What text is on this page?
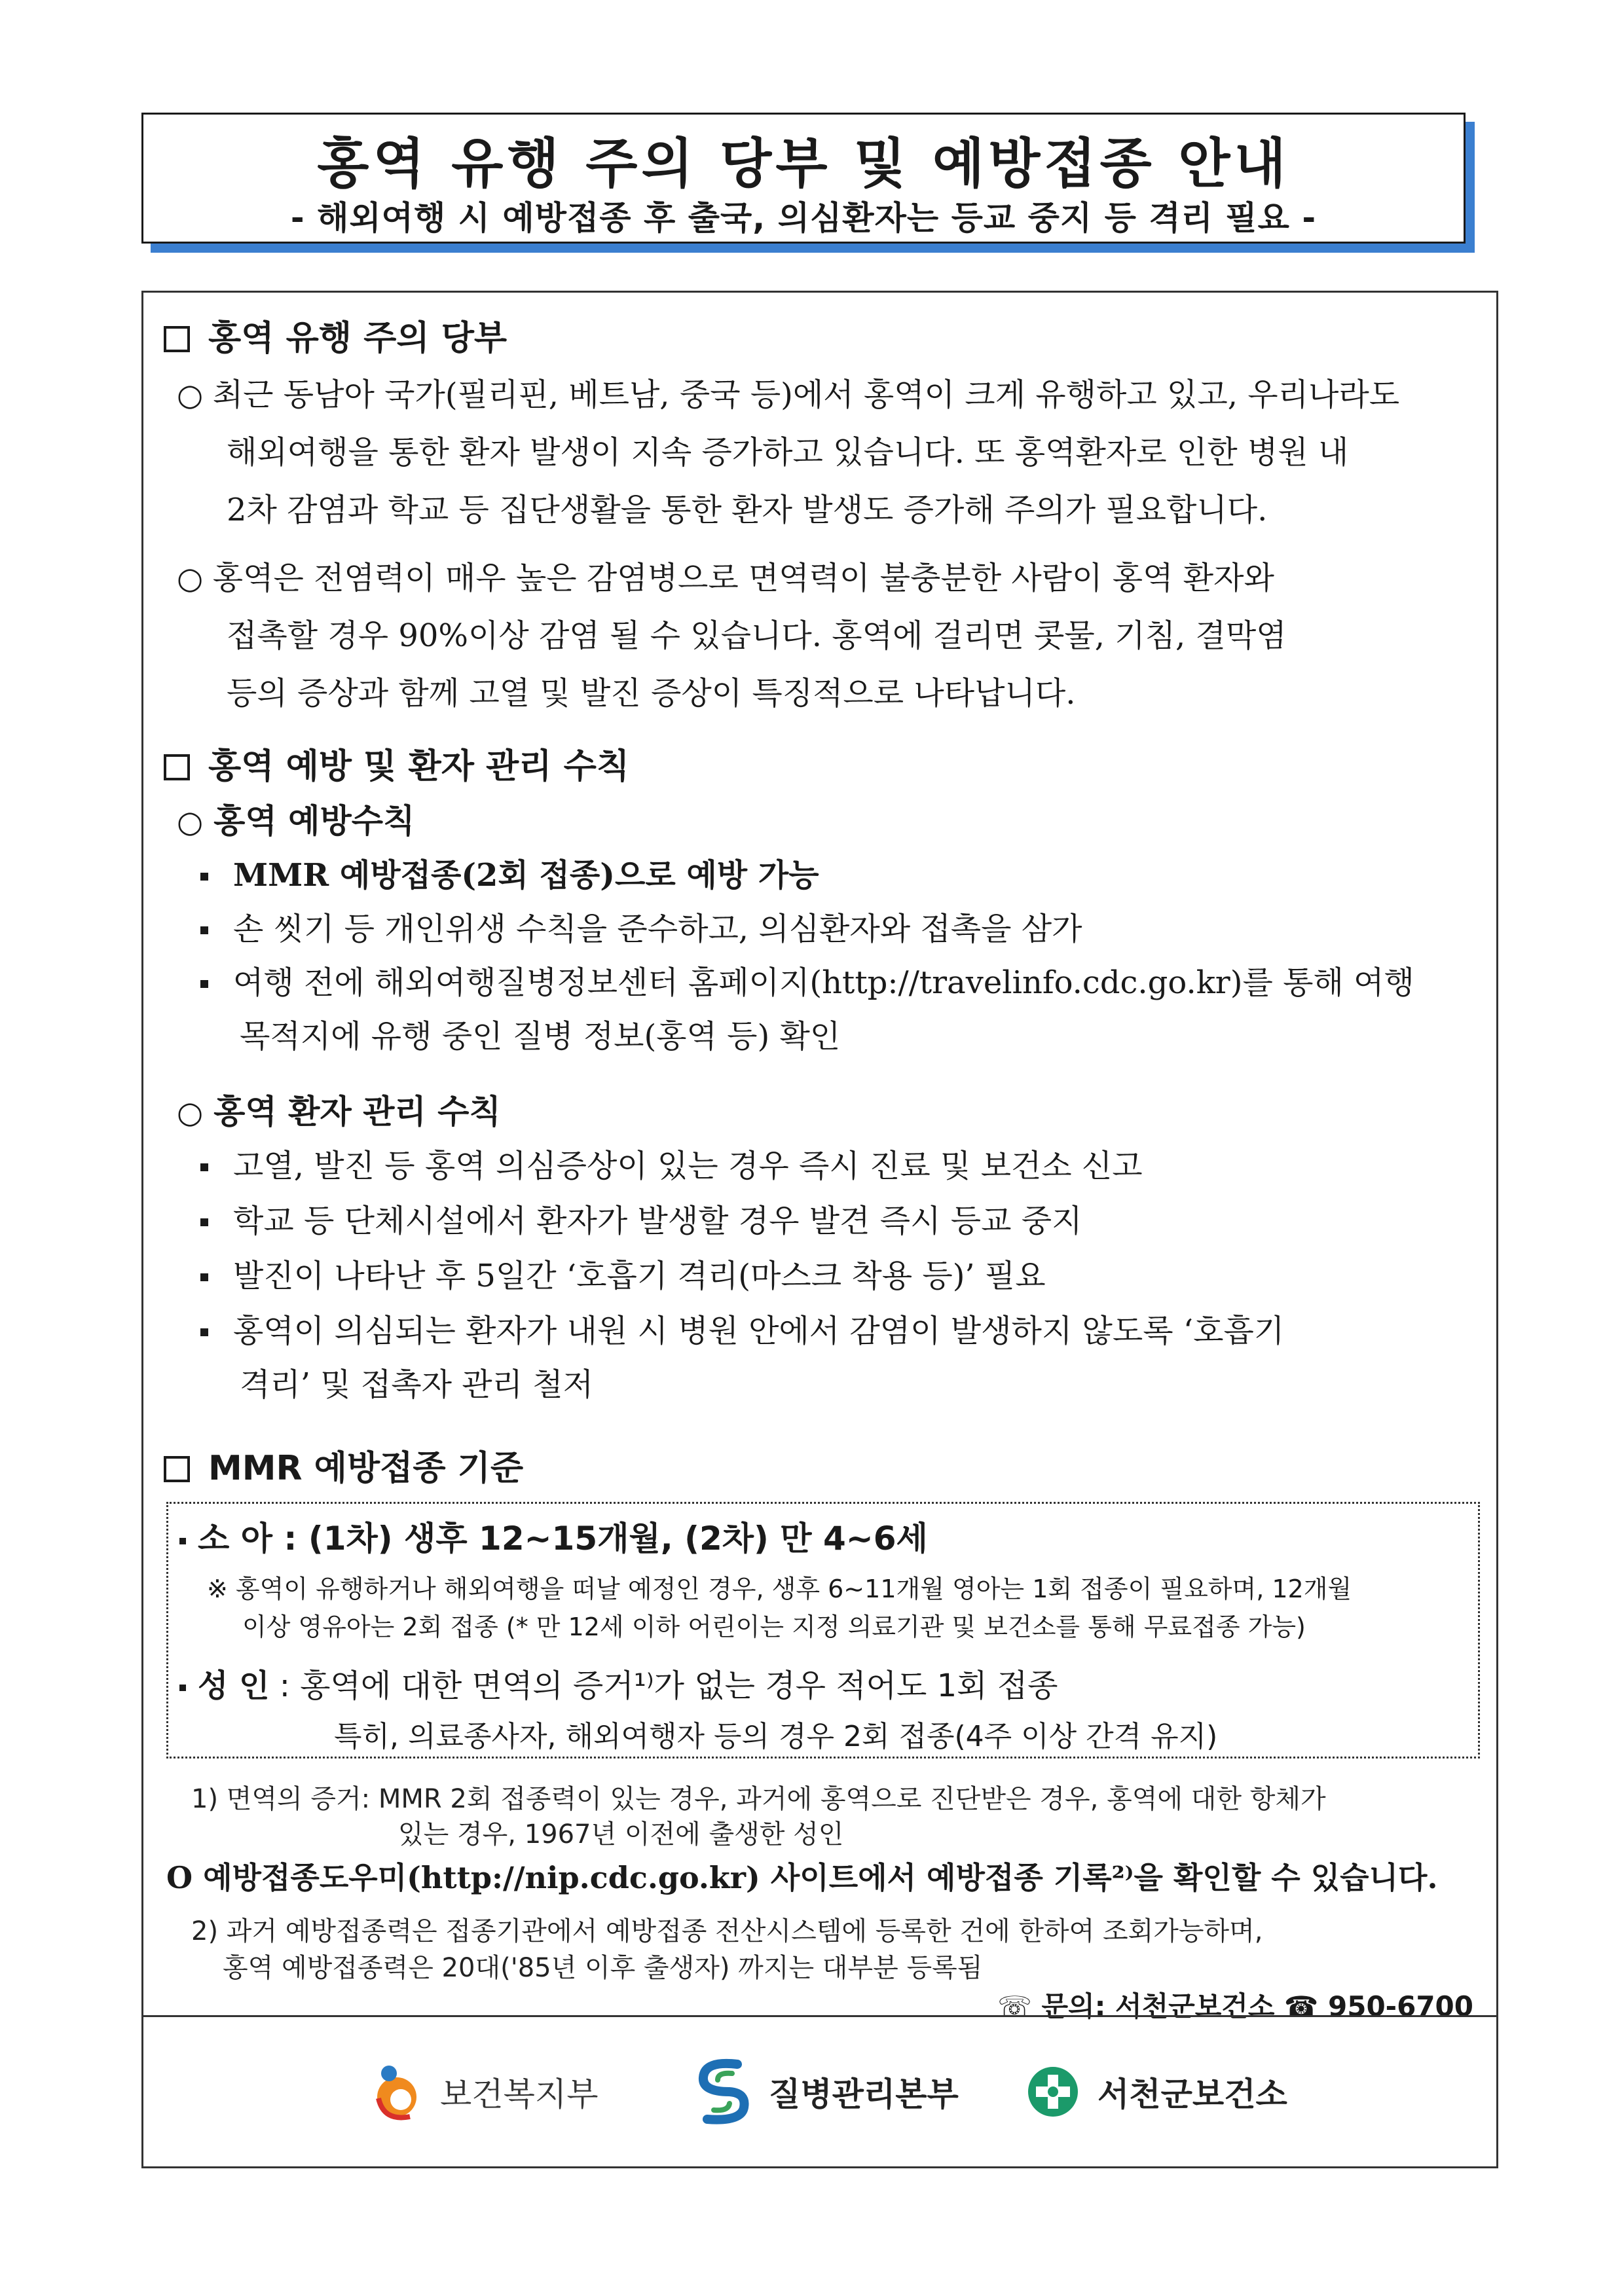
홍역 유행 주의 당부 및 예방접종 안내
- 해외여행 시 예방접종 후 출국, 의심환자는 등교 중지 등 격리 필요 -
홍역 유행 주의 당부
○ 최근 동남아 국가(필리핀, 베트남, 중국 등)에서 홍역이 크게 유행하고 있고, 우리나라도
해외여행을 통한 환자 발생이 지속 증가하고 있습니다. 또 홍역환자로 인한 병원 내
2차 감염과 학교 등 집단생활을 통한 환자 발생도 증가해 주의가 필요합니다.
○ 홍역은 전염력이 매우 높은 감염병으로 면역력이 불충분한 사람이 홍역 환자와
접촉할 경우 90%이상 감염 될 수 있습니다. 홍역에 걸리면 콧물, 기침, 결막염
등의 증상과 함께 고열 및 발진 증상이 특징적으로 나타납니다.
홍역 예방 및 환자 관리 수칙
○ 홍역 예방수칙
MMR 예방접종(2회 접종)으로 예방 가능
손 씻기 등 개인위생 수칙을 준수하고, 의심환자와 접촉을 삼가
여행 전에 해외여행질병정보센터 홈페이지(http://travelinfo.cdc.go.kr)를 통해 여행
목적지에 유행 중인 질병 정보(홍역 등) 확인
○ 홍역 환자 관리 수칙
고열, 발진 등 홍역 의심증상이 있는 경우 즉시 진료 및 보건소 신고
학교 등 단체시설에서 환자가 발생할 경우 발견 즉시 등교 중지
발진이 나타난 후 5일간 ‘호흡기 격리(마스크 착용 등)’ 필요
홍역이 의심되는 환자가 내원 시 병원 안에서 감염이 발생하지 않도록 ‘호흡기
격리’ 및 접촉자 관리 철저
MMR 예방접종 기준
소 아 : (1차) 생후 12~15개월, (2차) 만 4~6세
※ 홍역이 유행하거나 해외여행을 떠날 예정인 경우, 생후 6~11개월 영아는 1회 접종이 필요하며, 12개월
이상 영유아는 2회 접종 (* 만 12세 이하 어린이는 지정 의료기관 및 보건소를 통해 무료접종 가능)
성 인 : 홍역에 대한 면역의 증거¹⁾가 없는 경우 적어도 1회 접종
특히, 의료종사자, 해외여행자 등의 경우 2회 접종(4주 이상 간격 유지)
1) 면역의 증거: MMR 2회 접종력이 있는 경우, 과거에 홍역으로 진단받은 경우, 홍역에 대한 항체가
있는 경우, 1967년 이전에 출생한 성인
O 예방접종도우미(http://nip.cdc.go.kr) 사이트에서 예방접종 기록²⁾을 확인할 수 있습니다.
2) 과거 예방접종력은 접종기관에서 예방접종 전산시스템에 등록한 건에 한하여 조회가능하며,
홍역 예방접종력은 20대('85년 이후 출생자) 까지는 대부분 등록됨
☏ 문의: 서천군보건소 ☎ 950-6700
보건복지부	질병관리본부	서천군보건소
